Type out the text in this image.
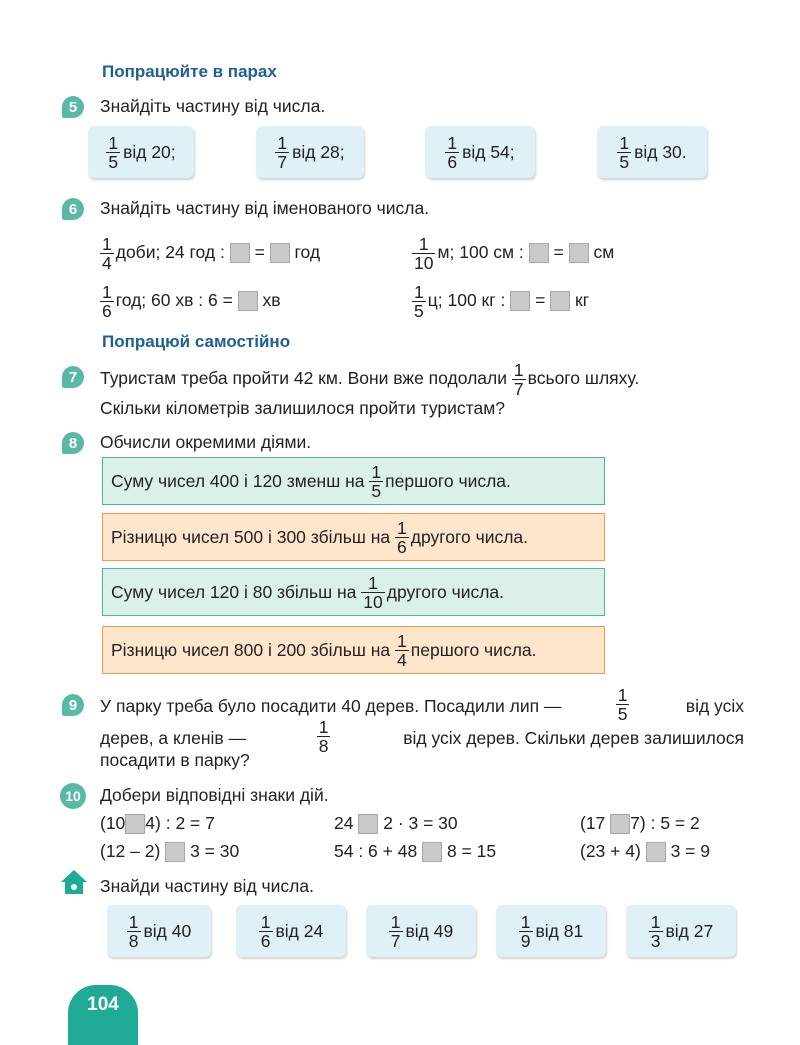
Попрацюйте в парах
5	Знайдіть частину від числа.
$\frac{1}{5}$ від 20;	$\frac{1}{7}$ від 28;	$\frac{1}{6}$ від 54;	$\frac{1}{5}$ від 30.
6	Знайдіть частину від іменованого числа.
$\frac{1}{4}$ доби; 24 год : = год	$\frac{1}{10} м$; 100 см : = см
$\frac{1}{6}$ год; 60 хв : 6 = хв	$\frac{1}{5} ц$; 100 кг : = кг
Попрацюй самостійно
7	Туристам треба пройти 42 км. Вони вже подолали $\frac{1}{7}$ всього шляху.
Скільки кілометрів залишилося пройти туристам?
8	Обчисли окремими діями.
Суму чисел 400 і 120 зменш на
$\frac{1}{5}$ першого числа.
Різницю чисел 500 і 300 збільш на
$\frac{1}{6}$ другого числа.
Суму чисел 120 і 80 збільш на
$\frac{1}{10}$ другого числа.
Різницю чисел 800 і 200 збільш на
$\frac{1}{4}$ першого числа.
9	У парку треба було посадити 40 дерев. Посадили лип —	$\frac{1}{5}$	від усіх
дерев, а кленів —	$\frac{1}{8}$	від усіх дерев. Скільки дерев залишилося
посадити в парку?
10 Добери відповідні знаки дій.
(10 4) : 2 = 7	24 2 · 3 = 30	(17 7) : 5 = 2
(12 – 2) 3 = 30	54 : 6 + 48 8 = 15	(23 + 4) 3 = 9
Знайди частину від числа.
$\frac{1}{8}$ від 40	$\frac{1}{6}$ від 24	$\frac{1}{7}$ від 49	$\frac{1}{9}$ від 81	$\frac{1}{3}$ від 27
104
